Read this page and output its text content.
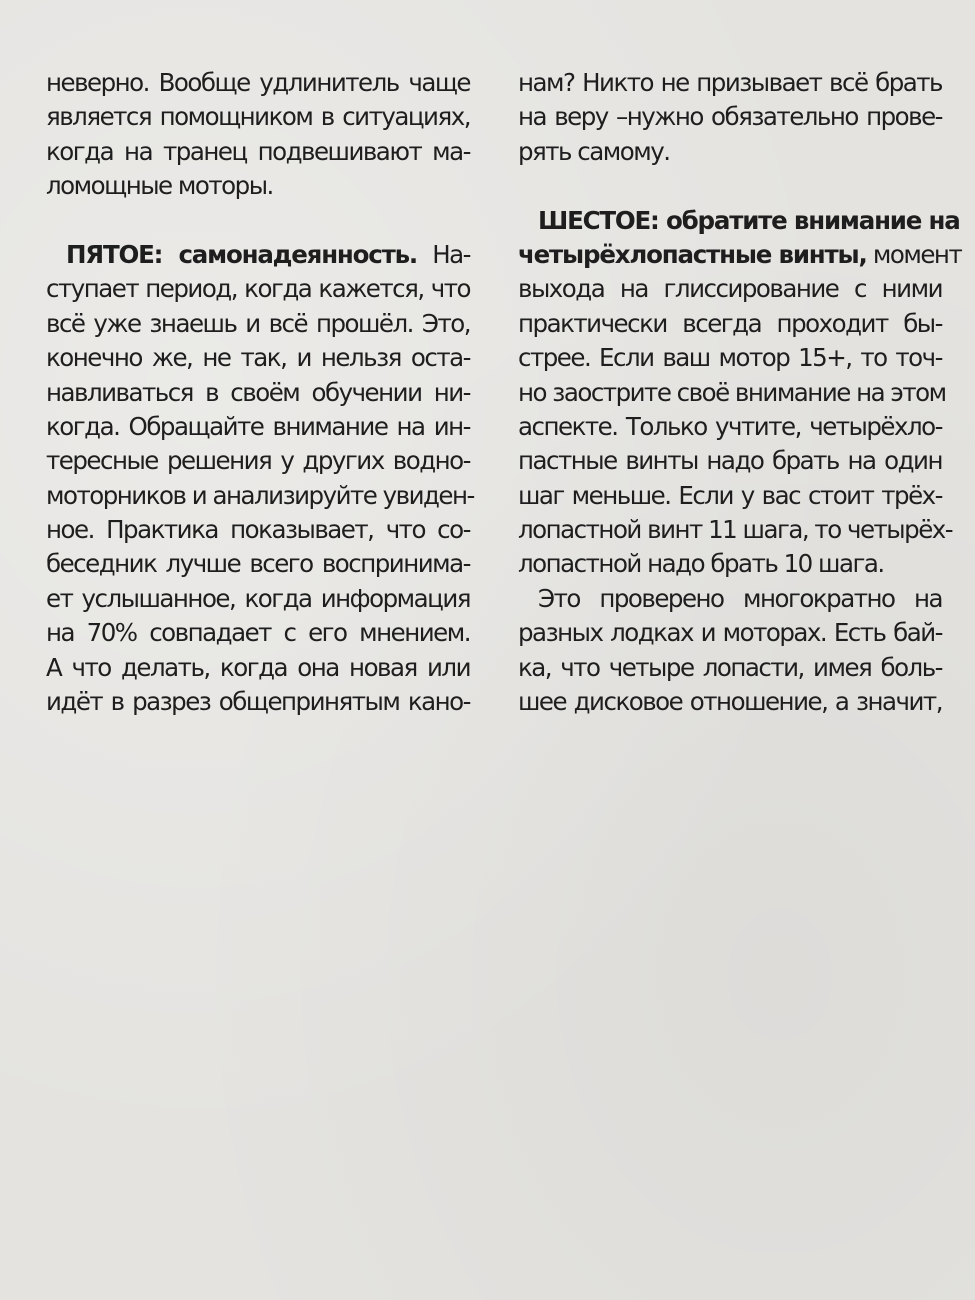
неверно. Вообще удлинитель чаще
является помощником в ситуациях,
когда на транец подвешивают ма-
ломощные моторы.
ПЯТОЕ: самонадеянность. На-
ступает период, когда кажется, что
всё уже знаешь и всё прошёл. Это,
конечно же, не так, и нельзя оста-
навливаться в своём обучении ни-
когда. Обращайте внимание на ин-
тересные решения у других водно-
моторников и анализируйте увиден-
ное. Практика показывает, что со-
беседник лучше всего воспринима-
ет услышанное, когда информация
на 70% совпадает с его мнением.
А что делать, когда она новая или
идёт в разрез общепринятым кано-
нам? Никто не призывает всё брать
на веру –нужно обязательно прове-
рять самому.
ШЕСТОЕ: обратите внимание на
четырёхлопастные винты, момент
выхода на глиссирование с ними
практически всегда проходит бы-
стрее. Если ваш мотор 15+, то точ-
но заострите своё внимание на этом
аспекте. Только учтите, четырёхло-
пастные винты надо брать на один
шаг меньше. Если у вас стоит трёх-
лопастной винт 11 шага, то четырёх-
лопастной надо брать 10 шага.
Это проверено многократно на
разных лодках и моторах. Есть бай-
ка, что четыре лопасти, имея боль-
шее дисковое отношение, а значит,
